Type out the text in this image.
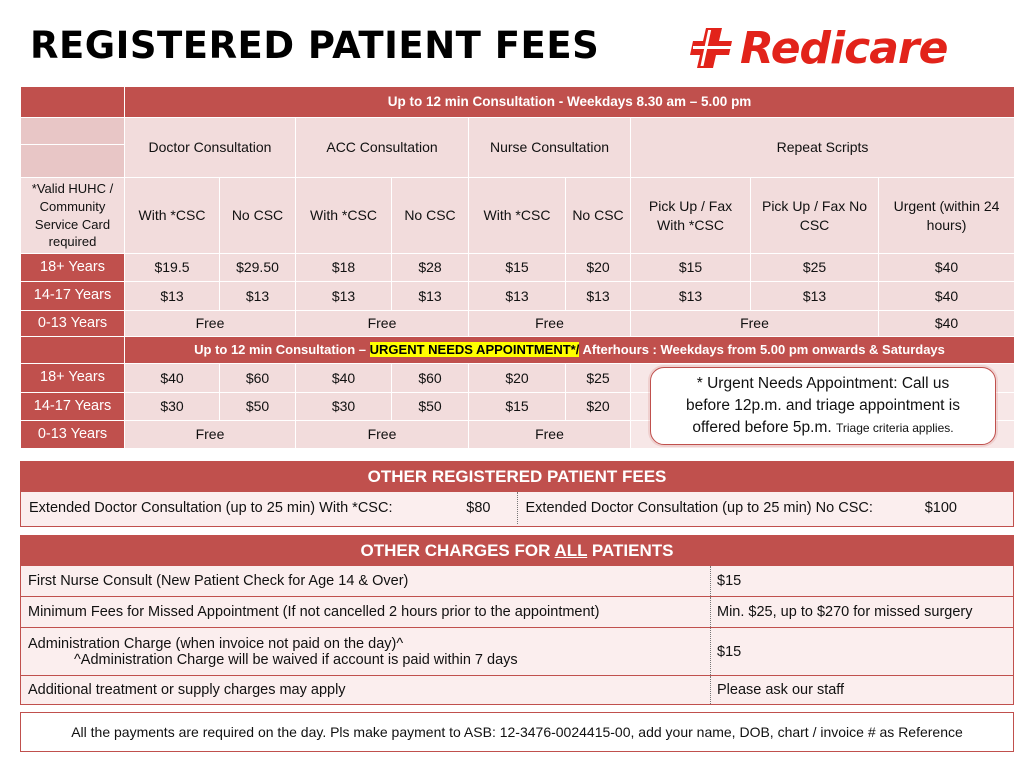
REGISTERED PATIENT FEES	Redicare
	Up to 12 min Consultation - Weekdays 8.30 am – 5.00 pm								
	Doctor Consultation		ACC Consultation		Nurse Consultation		Repeat Scripts		

*Valid HUHC / Community Service Card required	With *CSC	No CSC	With *CSC	No CSC	With *CSC	No CSC	Pick Up / Fax With *CSC	Pick Up / Fax No CSC	Urgent (within 24 hours)
18+ Years	$19.5	$29.50	$18	$28	$15	$20	$15	$25	$40
14-17 Years	$13	$13	$13	$13	$13	$13	$13	$13	$40
0-13 Years	Free		Free		Free		Free		$40
	Up to 12 min Consultation – URGENT NEEDS APPOINTMENT*/ Afterhours : Weekdays from 5.00 pm onwards & Saturdays								
18+ Years	$40	$60	$40	$60	$20	$25			
14-17 Years	$30	$50	$30	$50	$15	$20			
0-13 Years	Free		Free		Free				
* Urgent Needs Appointment: Call us
before 12p.m. and triage appointment is
offered before 5p.m. Triage criteria applies.
OTHER REGISTERED PATIENT FEES
Extended Doctor Consultation (up to 25 min) With *CSC:	$80	Extended Doctor Consultation (up to 25 min) No CSC:	$100
OTHER CHARGES FOR ALL PATIENTS
First Nurse Consult (New Patient Check for Age 14 & Over)	$15
Minimum Fees for Missed Appointment (If not cancelled 2 hours prior to the appointment)	Min. $25, up to $270 for missed surgery
Administration Charge (when invoice not paid on the day)^
^Administration Charge will be waived if account is paid within 7 days	$15
Additional treatment or supply charges may apply	Please ask our staff
All the payments are required on the day. Pls make payment to ASB: 12-3476-0024415-00, add your name, DOB, chart / invoice # as Reference
